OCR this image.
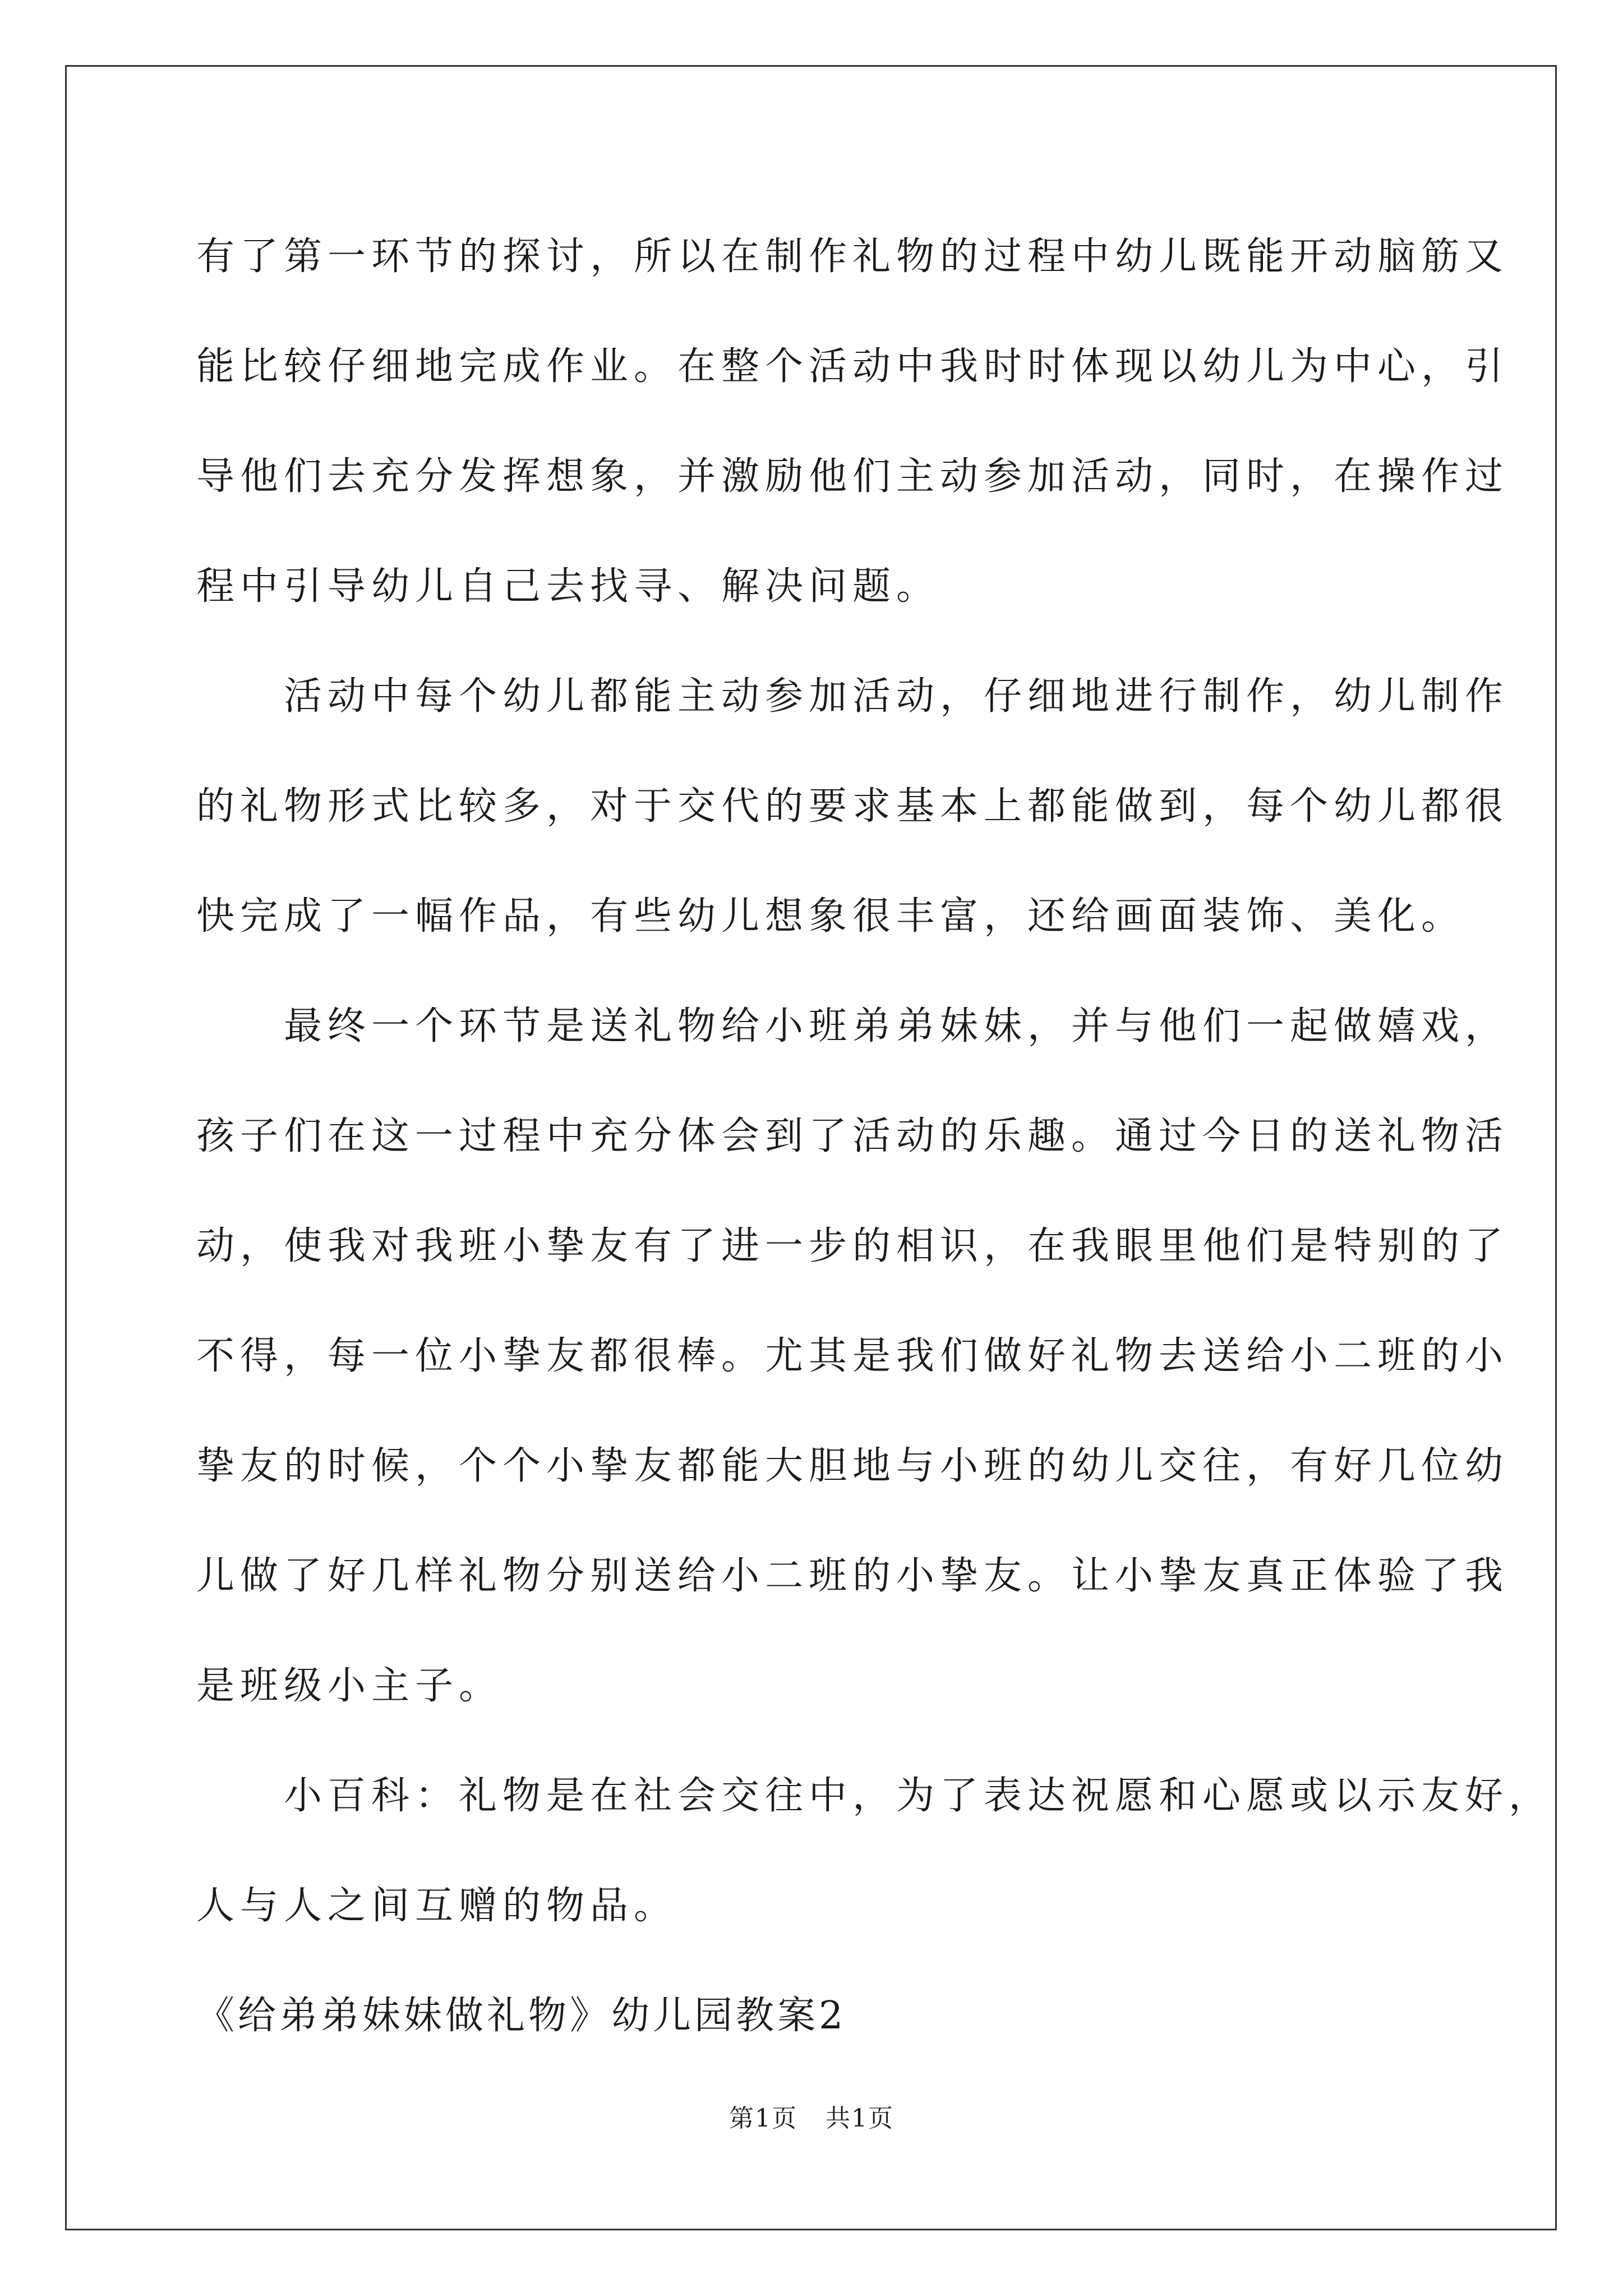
有了第一环节的探讨，所以在制作礼物的过程中幼儿既能开动脑筋又
能比较仔细地完成作业。在整个活动中我时时体现以幼儿为中心，引
导他们去充分发挥想象，并激励他们主动参加活动，同时，在操作过
程中引导幼儿自己去找寻、解决问题。
　　活动中每个幼儿都能主动参加活动，仔细地进行制作，幼儿制作
的礼物形式比较多，对于交代的要求基本上都能做到，每个幼儿都很
快完成了一幅作品，有些幼儿想象很丰富，还给画面装饰、美化。
　　最终一个环节是送礼物给小班弟弟妹妹，并与他们一起做嬉戏，
孩子们在这一过程中充分体会到了活动的乐趣。通过今日的送礼物活
动，使我对我班小挚友有了进一步的相识，在我眼里他们是特别的了
不得，每一位小挚友都很棒。尤其是我们做好礼物去送给小二班的小
挚友的时候，个个小挚友都能大胆地与小班的幼儿交往，有好几位幼
儿做了好几样礼物分别送给小二班的小挚友。让小挚友真正体验了我
是班级小主子。
　　小百科：礼物是在社会交往中，为了表达祝愿和心愿或以示友好，
人与人之间互赠的物品。
《给弟弟妹妹做礼物》幼儿园教案2
第1页 共1页
